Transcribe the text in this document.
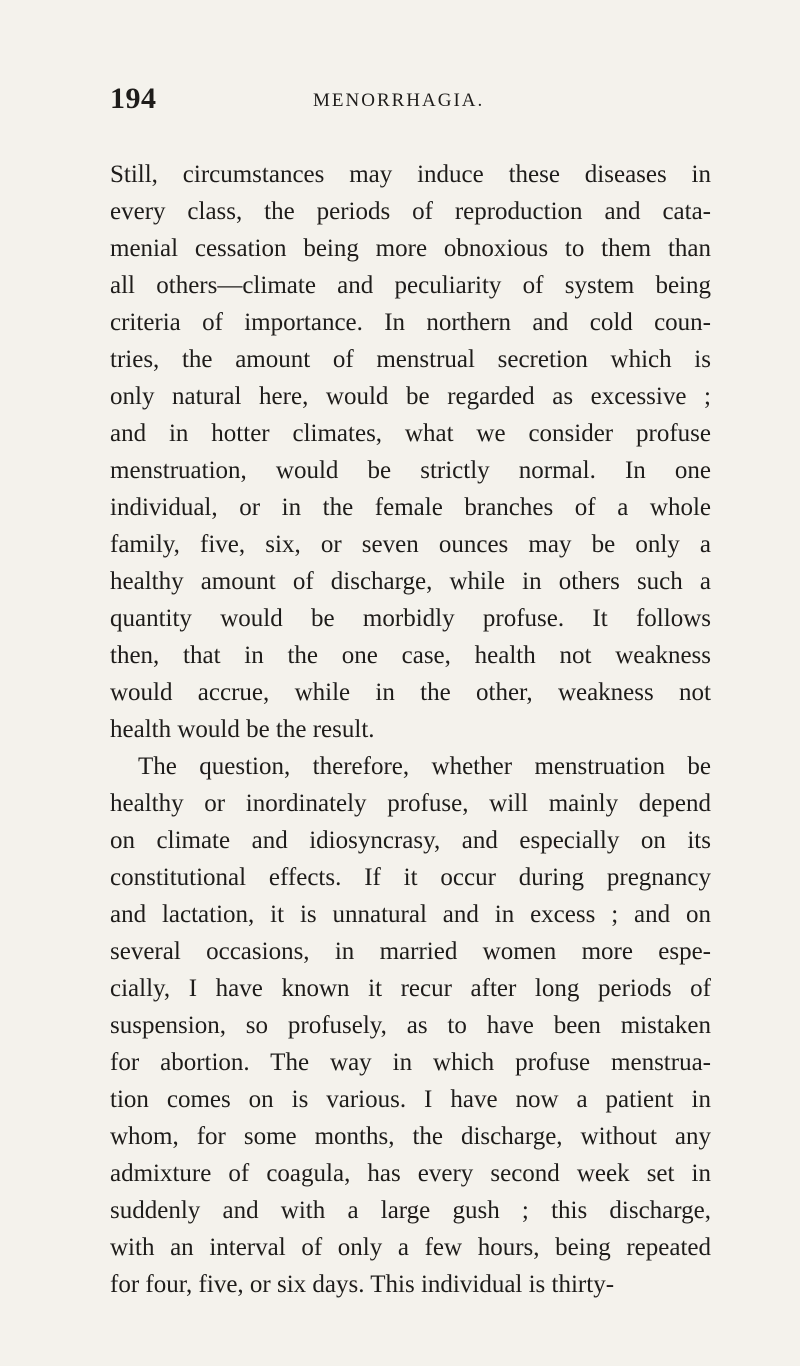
194	MENORRHAGIA.
Still, circumstances may induce these diseases in
every class, the periods of reproduction and cata-
menial cessation being more obnoxious to them than
all others—climate and peculiarity of system being
criteria of importance. In northern and cold coun-
tries, the amount of menstrual secretion which is
only natural here, would be regarded as excessive ;
and in hotter climates, what we consider profuse
menstruation, would be strictly normal. In one
individual, or in the female branches of a whole
family, five, six, or seven ounces may be only a
healthy amount of discharge, while in others such a
quantity would be morbidly profuse. It follows
then, that in the one case, health not weakness
would accrue, while in the other, weakness not
health would be the result.
The question, therefore, whether menstruation be
healthy or inordinately profuse, will mainly depend
on climate and idiosyncrasy, and especially on its
constitutional effects. If it occur during pregnancy
and lactation, it is unnatural and in excess ; and on
several occasions, in married women more espe-
cially, I have known it recur after long periods of
suspension, so profusely, as to have been mistaken
for abortion. The way in which profuse menstrua-
tion comes on is various. I have now a patient in
whom, for some months, the discharge, without any
admixture of coagula, has every second week set in
suddenly and with a large gush ; this discharge,
with an interval of only a few hours, being repeated
for four, five, or six days. This individual is thirty-
